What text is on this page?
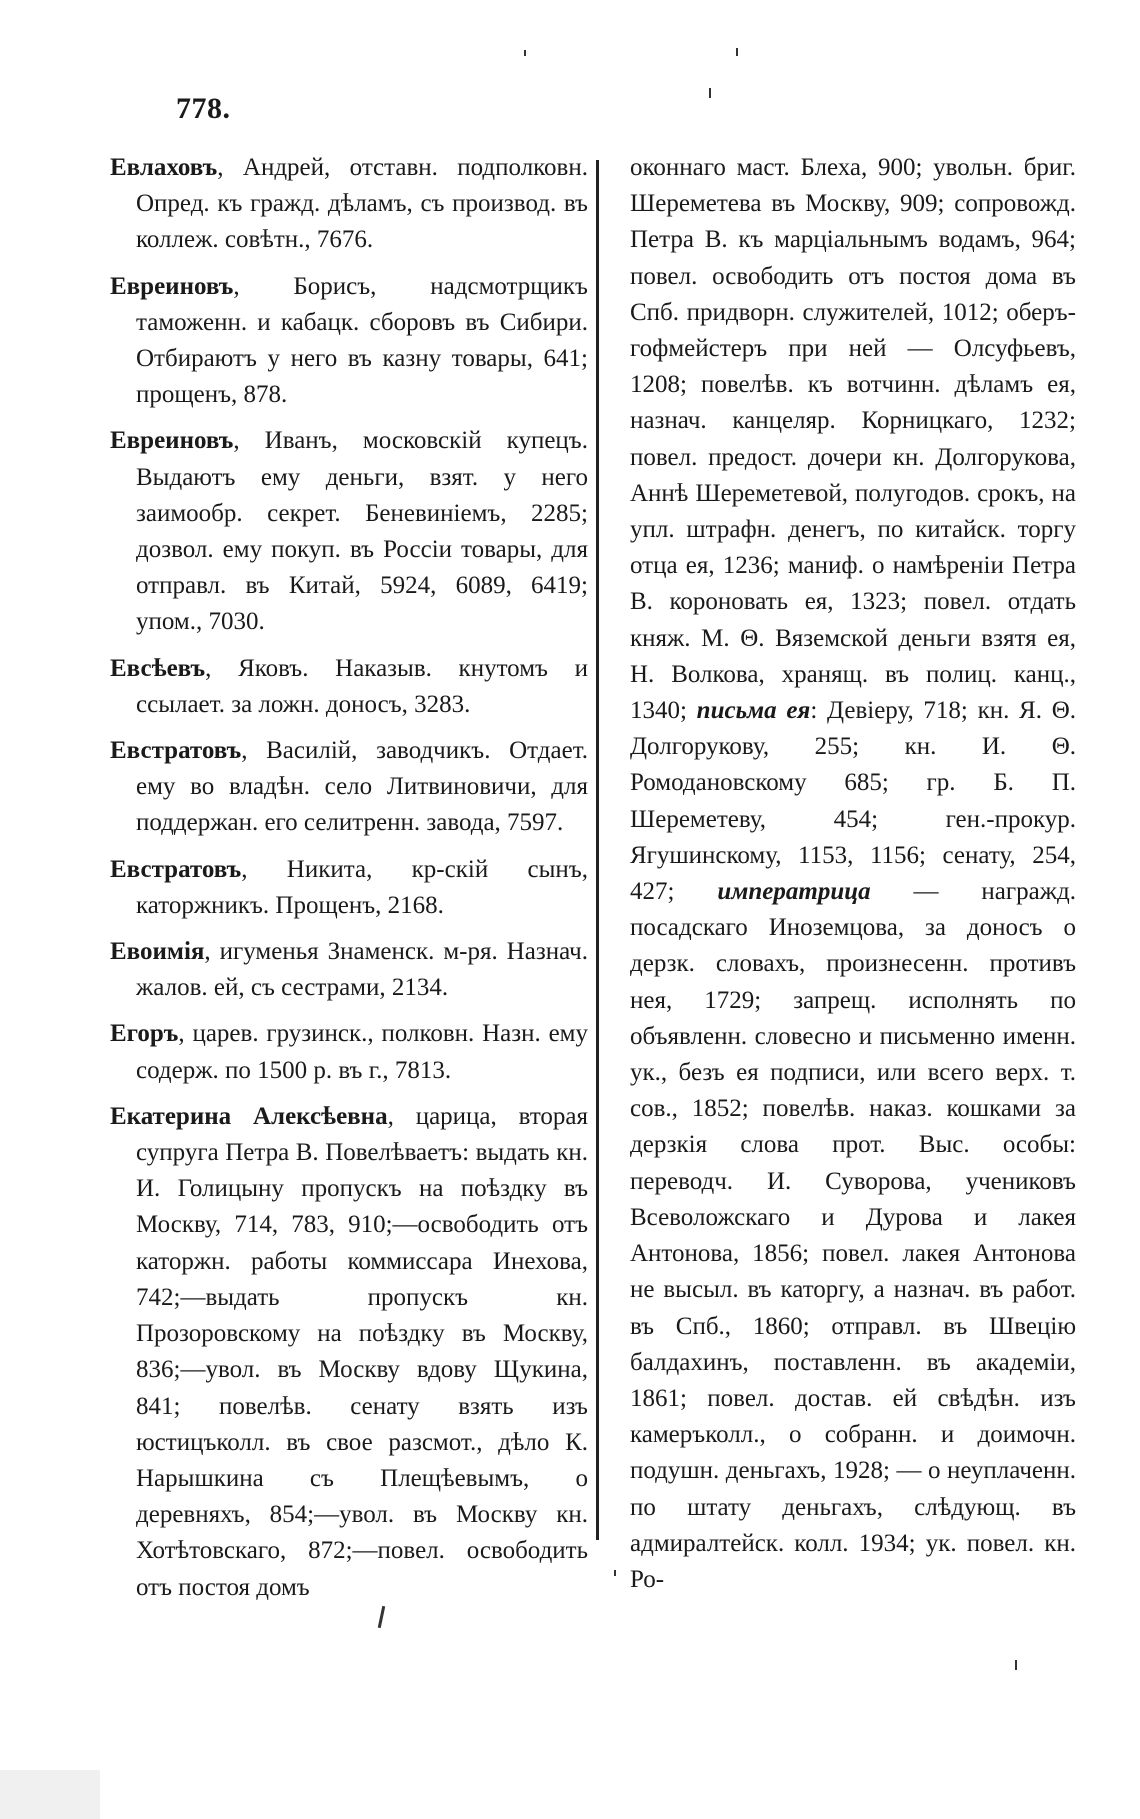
778.

Евлаховъ, Андрей, отставн. подполковн. Опред. къ гражд. дѣламъ, съ производ. въ коллеж. совѣтн., 7676.

Евреиновъ, Борисъ, надсмотрщикъ таможенн. и кабацк. сборовъ въ Сибири. Отбираютъ у него въ казну товары, 641; прощенъ, 878.

Евреиновъ, Иванъ, московскій купецъ. Выдаютъ ему деньги, взят. у него заимообр. секрет. Беневиніемъ, 2285; дозвол. ему покуп. въ Россіи товары, для отправл. въ Китай, 5924, 6089, 6419; упом., 7030.

Евсѣевъ, Яковъ. Наказыв. кнутомъ и ссылает. за ложн. доносъ, 3283.

Евстратовъ, Василій, заводчикъ. Отдает. ему во владѣн. село Литвиновичи, для поддержан. его селитренн. завода, 7597.

Евстратовъ, Никита, кр-скій сынъ, каторжникъ. Прощенъ, 2168.

Евоимія, игуменья Знаменск. м-ря. Назнач. жалов. ей, съ сестрами, 2134.

Егоръ, царев. грузинск., полковн. Назн. ему содерж. по 1500 р. въ г., 7813.

Екатерина Алексѣевна, царица, вторая супруга Петра В. Повелѣваетъ: выдать кн. И. Голицыну пропускъ на поѣздку въ Москву, 714, 783, 910;—освободить отъ каторжн. работы коммиссара Инехова, 742;—выдать пропускъ кн. Прозоровскому на поѣздку въ Москву, 836;—увол. въ Москву вдову Щукина, 841; повелѣв. сенату взять изъ юстицъколл. въ свое разсмот., дѣло К. Нарышкина съ Плещѣевымъ, о деревняхъ, 854;—увол. въ Москву кн. Хотѣтовскаго, 872;—повел. освободить отъ постоя домъ

оконнаго маст. Блеха, 900; увольн. бриг. Шереметева въ Москву, 909; сопровожд. Петра В. къ марціальнымъ водамъ, 964; повел. освободить отъ постоя дома въ Спб. придворн. служителей, 1012; оберъ-гофмейстеръ при ней — Олсуфьевъ, 1208; повелѣв. къ вотчинн. дѣламъ ея, назнач. канцеляр. Корницкаго, 1232; повел. предост. дочери кн. Долгорукова, Аннѣ Шереметевой, полугодов. срокъ, на упл. штрафн. денегъ, по китайск. торгу отца ея, 1236; маниф. о намѣреніи Петра В. короновать ея, 1323; повел. отдать княж. М. Θ. Вяземской деньги взятя ея, Н. Волкова, хранящ. въ полиц. канц., 1340; письма ея: Девіеру, 718; кн. Я. Θ. Долгорукову, 255; кн. И. Θ. Ромодановскому 685; гр. Б. П. Шереметеву, 454; ген.-прокур. Ягушинскому, 1153, 1156; сенату, 254, 427; императрица — награжд. посадскаго Иноземцова, за доносъ о дерзк. словахъ, произнесенн. противъ нея, 1729; запрещ. исполнять по объявленн. словесно и письменно именн. ук., безъ ея подписи, или всего верх. т. сов., 1852; повелѣв. наказ. кошками за дерзкія слова прот. Выс. особы: переводч. И. Суворова, учениковъ Всеволожскаго и Дурова и лакея Антонова, 1856; повел. лакея Антонова не высыл. въ каторгу, а назнач. въ работ. въ Спб., 1860; отправл. въ Швецію балдахинъ, поставленн. въ академіи, 1861; повел. достав. ей свѣдѣн. изъ камеръколл., о собранн. и доимочн. подушн. деньгахъ, 1928; — о неуплаченн. по штату деньгахъ, слѣдующ. въ адмиралтейск. колл. 1934; ук. повел. кн. Ро-
